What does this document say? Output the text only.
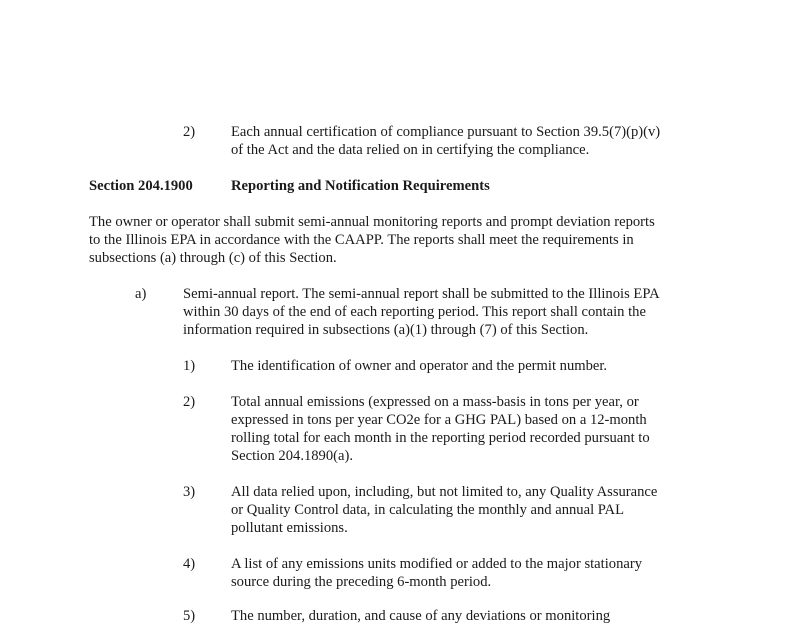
2) Each annual certification of compliance pursuant to Section 39.5(7)(p)(v)
of the Act and the data relied on in certifying the compliance.
Section 204.1900	Reporting and Notification Requirements
The owner or operator shall submit semi-annual monitoring reports and prompt deviation reports
to the Illinois EPA in accordance with the CAAPP. The reports shall meet the requirements in
subsections (a) through (c) of this Section.
a)	Semi-annual report. The semi-annual report shall be submitted to the Illinois EPA
within 30 days of the end of each reporting period. This report shall contain the
information required in subsections (a)(1) through (7) of this Section.
1) The identification of owner and operator and the permit number.
2) Total annual emissions (expressed on a mass-basis in tons per year, or
expressed in tons per year CO2e for a GHG PAL) based on a 12-month
rolling total for each month in the reporting period recorded pursuant to
Section 204.1890(a).
3) All data relied upon, including, but not limited to, any Quality Assurance
or Quality Control data, in calculating the monthly and annual PAL
pollutant emissions.
4) A list of any emissions units modified or added to the major stationary
source during the preceding 6-month period.
5) The number, duration, and cause of any deviations or monitoring
